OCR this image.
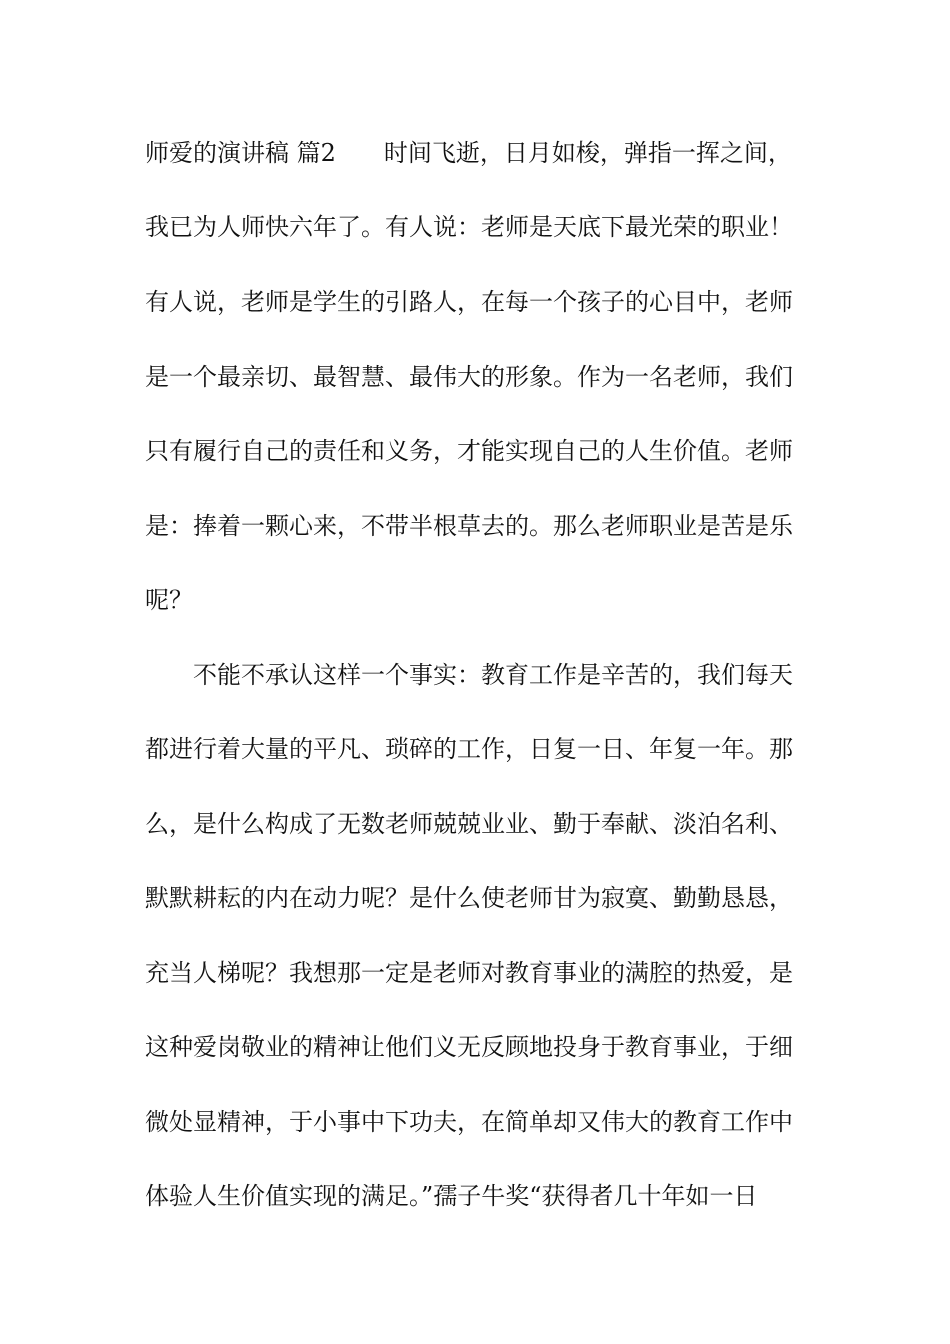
师爱的演讲稿 篇2　　时间飞逝，日月如梭，弹指一挥之间，
我已为人师快六年了。有人说：老师是天底下最光荣的职业！
有人说，老师是学生的引路人，在每一个孩子的心目中，老师
是一个最亲切、最智慧、最伟大的形象。作为一名老师，我们
只有履行自己的责任和义务，才能实现自己的人生价值。老师
是：捧着一颗心来，不带半根草去的。那么老师职业是苦是乐
呢？
　　不能不承认这样一个事实：教育工作是辛苦的，我们每天
都进行着大量的平凡、琐碎的工作，日复一日、年复一年。那
么，是什么构成了无数老师兢兢业业、勤于奉献、淡泊名利、
默默耕耘的内在动力呢？是什么使老师甘为寂寞、勤勤恳恳，
充当人梯呢？我想那一定是老师对教育事业的满腔的热爱，是
这种爱岗敬业的精神让他们义无反顾地投身于教育事业，于细
微处显精神，于小事中下功夫，在简单却又伟大的教育工作中
体验人生价值实现的满足。”孺子牛奖“获得者几十年如一日
